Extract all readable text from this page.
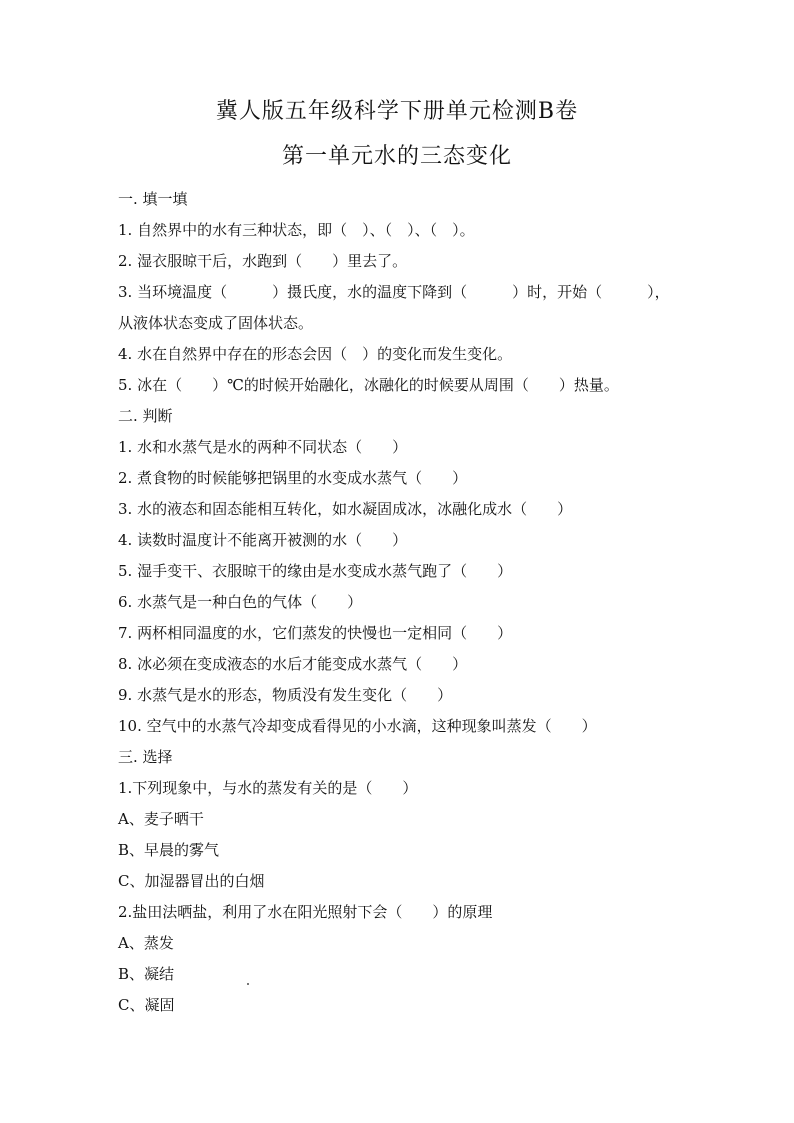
冀人版五年级科学下册单元检测B卷
第一单元水的三态变化
一. 填一填
1. 自然界中的水有三种状态，即（　）、（　）、（　）。
2. 湿衣服晾干后，水跑到（　　）里去了。
3. 当环境温度（　　　）摄氏度，水的温度下降到（　　　）时，开始（　　　），
从液体状态变成了固体状态。
4. 水在自然界中存在的形态会因（　）的变化而发生变化。
5. 冰在（　　）℃的时候开始融化，冰融化的时候要从周围（　　）热量。
二. 判断
1. 水和水蒸气是水的两种不同状态（　　）
2. 煮食物的时候能够把锅里的水变成水蒸气（　　）
3. 水的液态和固态能相互转化，如水凝固成冰，冰融化成水（　　）
4. 读数时温度计不能离开被测的水（　　）
5. 湿手变干、衣服晾干的缘由是水变成水蒸气跑了（　　）
6. 水蒸气是一种白色的气体（　　）
7. 两杯相同温度的水，它们蒸发的快慢也一定相同（　　）
8. 冰必须在变成液态的水后才能变成水蒸气（　　）
9. 水蒸气是水的形态，物质没有发生变化（　　）
10. 空气中的水蒸气冷却变成看得见的小水滴，这种现象叫蒸发（　　）
三. 选择
1.下列现象中，与水的蒸发有关的是（　　）
A、麦子晒干
B、早晨的雾气
C、加湿器冒出的白烟
2.盐田法晒盐，利用了水在阳光照射下会（　　）的原理
A、蒸发
B、凝结
C、凝固
